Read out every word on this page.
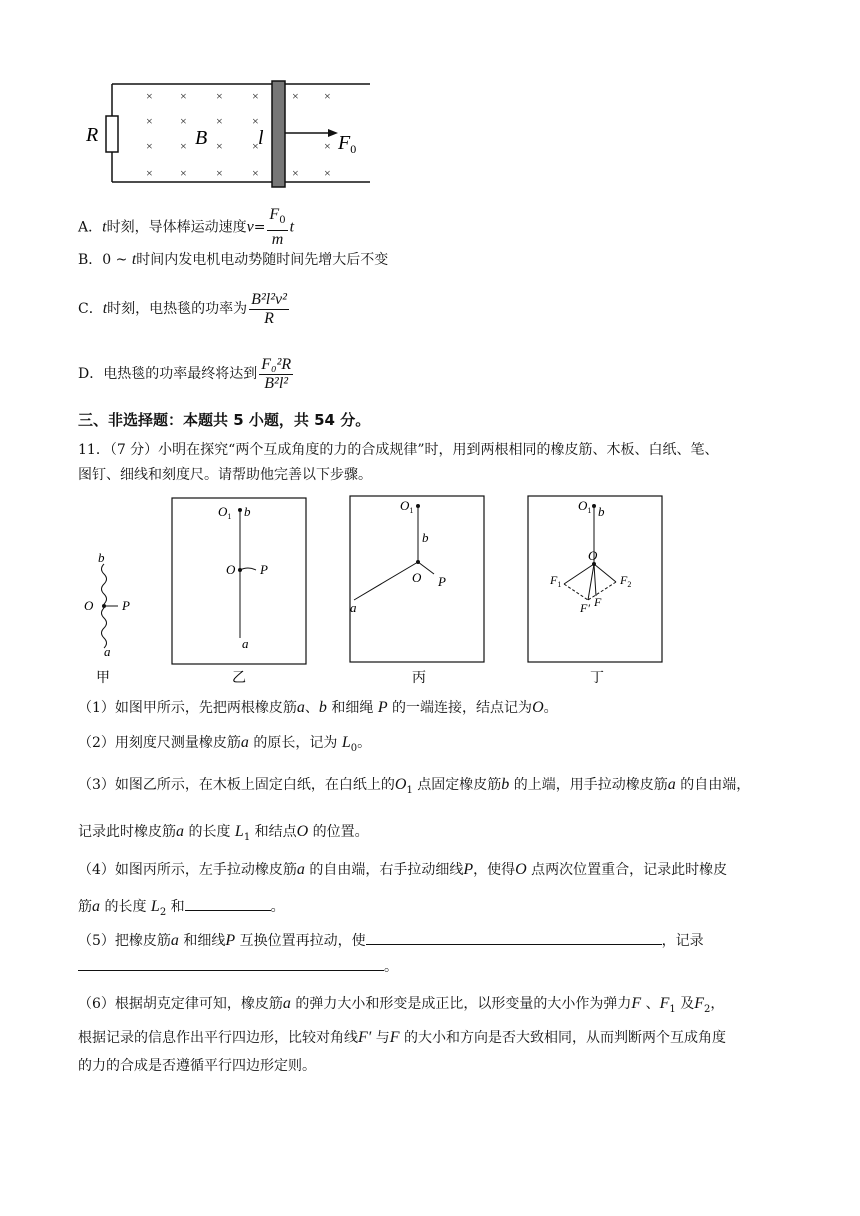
R
× × × ×	× ×
× × × ×
× × × ×	×
× × × ×	× ×
B	l	$F_0$
A．t时刻，导体棒运动速度$v= \frac{F_0}{m}$ t
B．0 ~ t时间内发电机电动势随时间先增大后不变
C．t时刻，电热毯的功率为 $\frac{\text{B²l²v²}}{R}$
D．电热毯的功率最终将达到 $\frac{\text{F₀²R}}{\text{B²l²}}$
三、非选择题：本题共 5 小题，共 54 分。
11．（7 分）小明在探究“两个互成角度的力的合成规律”时，用到两根相同的橡皮筋、木板、白纸、笔、
图钉、细线和刻度尺。请帮助他完善以下步骤。
b
O P
a
甲
$O_1$ b
O P
a
乙
$O_1$
b
O P
a
丙
$O_1$ b
O
$F_1$	$F_2$
F′ F
丁
（1）如图甲所示，先把两根橡皮筋a、b 和细绳 P 的一端连接，结点记为O。
（2）用刻度尺测量橡皮筋a 的原长，记为 $L_0$。
（3）如图乙所示，在木板上固定白纸，在白纸上的$O_1$ 点固定橡皮筋b 的上端，用手拉动橡皮筋a 的自由端，
记录此时橡皮筋a 的长度 $L_1$ 和结点O 的位置。
（4）如图丙所示，左手拉动橡皮筋a 的自由端，右手拉动细线P，使得O 点两次位置重合，记录此时橡皮
筋a 的长度 $L_2$ 和	。
（5）把橡皮筋a 和细线P 互换位置再拉动，使	，记录
。
（6）根据胡克定律可知，橡皮筋a 的弹力大小和形变是成正比，以形变量的大小作为弹力F 、$F_1$ 及$F_2$，
根据记录的信息作出平行四边形，比较对角线F′ 与F 的大小和方向是否大致相同，从而判断两个互成角度
的力的合成是否遵循平行四边形定则。
